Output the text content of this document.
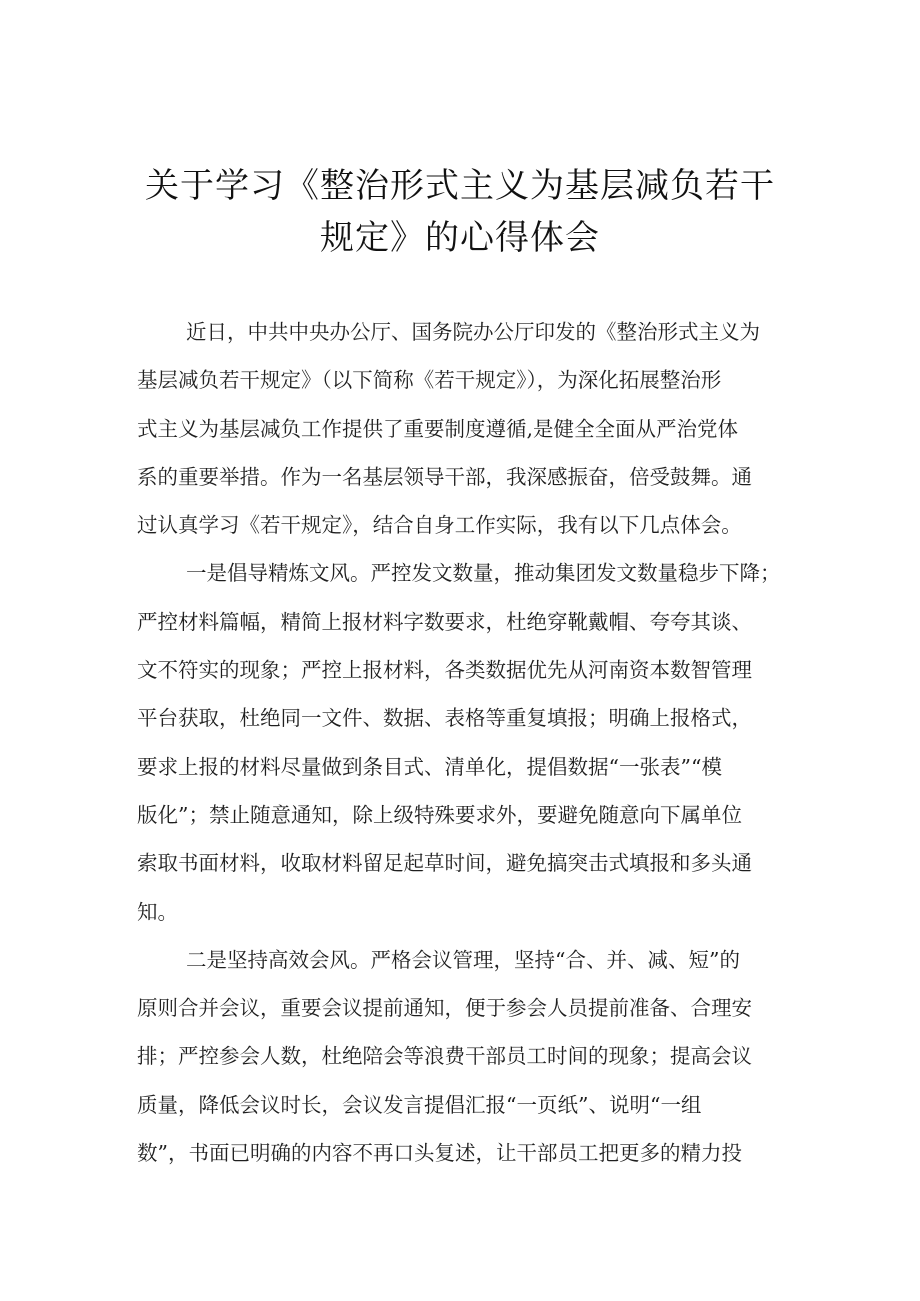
关于学习《整治形式主义为基层减负若干
规定》的心得体会
近日，中共中央办公厅、国务院办公厅印发的《整治形式主义为
基层减负若干规定》（以下简称《若干规定》），为深化拓展整治形
式主义为基层减负工作提供了重要制度遵循,是健全全面从严治党体
系的重要举措。作为一名基层领导干部，我深感振奋，倍受鼓舞。通
过认真学习《若干规定》，结合自身工作实际，我有以下几点体会。
一是倡导精炼文风。严控发文数量，推动集团发文数量稳步下降；
严控材料篇幅，精简上报材料字数要求，杜绝穿靴戴帽、夸夸其谈、
文不符实的现象；严控上报材料，各类数据优先从河南资本数智管理
平台获取，杜绝同一文件、数据、表格等重复填报；明确上报格式，
要求上报的材料尽量做到条目式、清单化，提倡数据“一张表”“模
版化”；禁止随意通知，除上级特殊要求外，要避免随意向下属单位
索取书面材料，收取材料留足起草时间，避免搞突击式填报和多头通
知。
二是坚持高效会风。严格会议管理，坚持“合、并、减、短”的
原则合并会议，重要会议提前通知，便于参会人员提前准备、合理安
排；严控参会人数，杜绝陪会等浪费干部员工时间的现象；提高会议
质量，降低会议时长，会议发言提倡汇报“一页纸”、说明“一组
数”，书面已明确的内容不再口头复述，让干部员工把更多的精力投
